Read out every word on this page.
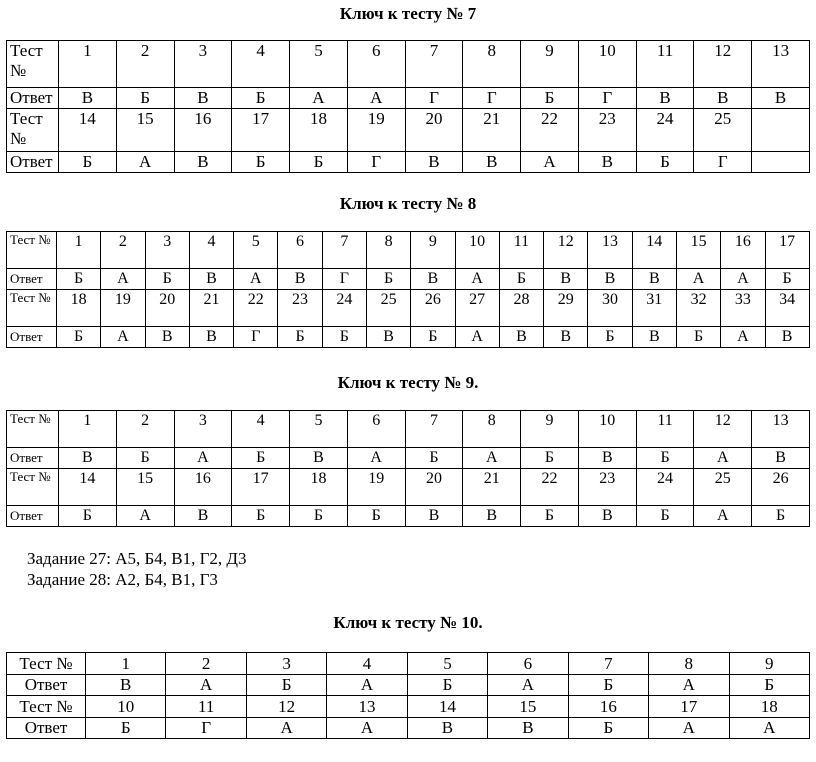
Ключ к тесту № 7
Тест №	1	2	3	4	5	6	7	8	9	10	11	12	13
Ответ	В	Б	В	Б	А	А	Г	Г	Б	Г	В	В	В
Тест №	14	15	16	17	18	19	20	21	22	23	24	25	
Ответ	Б	А	В	Б	Б	Г	В	В	А	В	Б	Г	
Ключ к тесту № 8
Тест №	1	2	3	4	5	6	7	8	9	10	11	12	13	14	15	16	17
Ответ	Б	А	Б	В	А	В	Г	Б	В	А	Б	В	В	В	А	А	Б
Тест №	18	19	20	21	22	23	24	25	26	27	28	29	30	31	32	33	34
Ответ	Б	А	В	В	Г	Б	Б	В	Б	А	В	В	Б	В	Б	А	В
Ключ к тесту № 9.
Тест №	1	2	3	4	5	6	7	8	9	10	11	12	13
Ответ	В	Б	А	Б	В	А	Б	А	Б	В	Б	А	В
Тест №	14	15	16	17	18	19	20	21	22	23	24	25	26
Ответ	Б	А	В	Б	Б	Б	В	В	Б	В	Б	А	Б
Задание 27: А5, Б4, В1, Г2, Д3
Задание 28: А2, Б4, В1, Г3
Ключ к тесту № 10.
Тест №	1	2	3	4	5	6	7	8	9
Ответ	В	А	Б	А	Б	А	Б	А	Б
Тест №	10	11	12	13	14	15	16	17	18
Ответ	Б	Г	А	А	В	В	Б	А	А
